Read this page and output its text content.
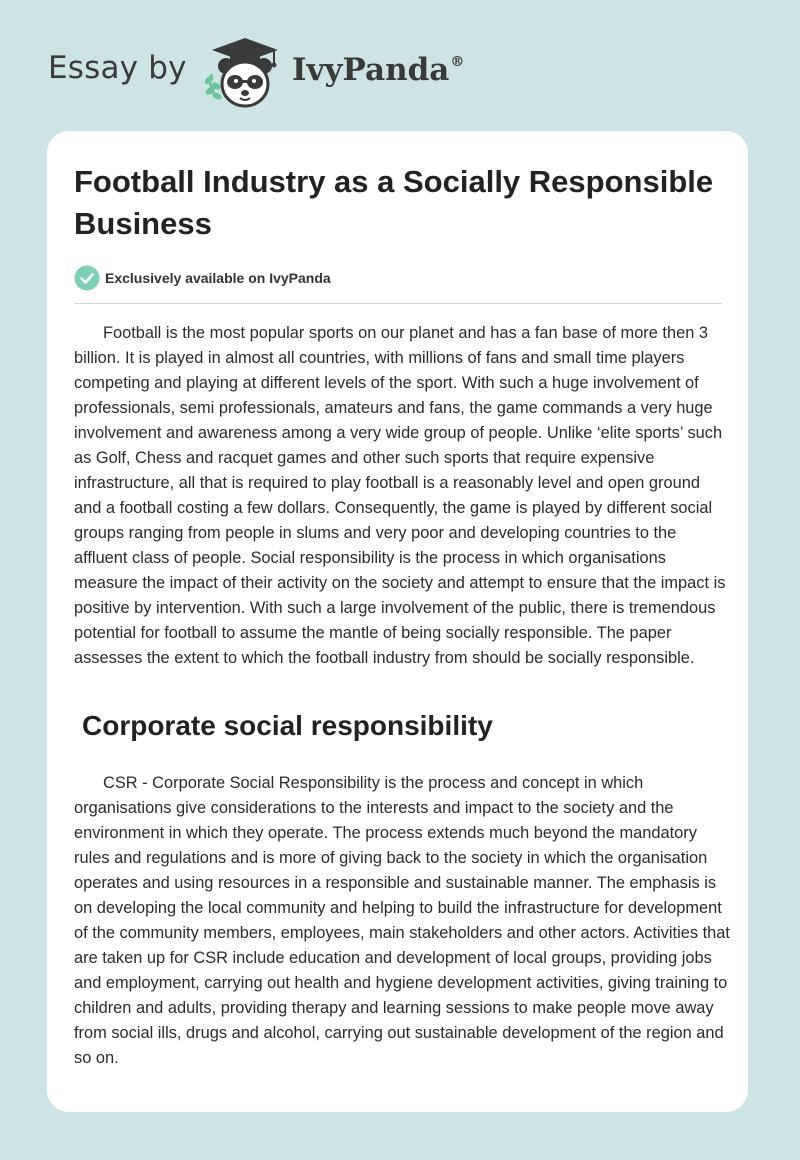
Essay by	IvyPanda®
Football Industry as a Socially Responsible Business
Exclusively available on IvyPanda

Football is the most popular sports on our planet and has a fan base of more then 3 billion. It is played in almost all countries, with millions of fans and small time players competing and playing at different levels of the sport. With such a huge involvement of professionals, semi professionals, amateurs and fans, the game commands a very huge involvement and awareness among a very wide group of people. Unlike ‘elite sports’ such as Golf, Chess and racquet games and other such sports that require expensive infrastructure, all that is required to play football is a reasonably level and open ground and a football costing a few dollars. Consequently, the game is played by different social groups ranging from people in slums and very poor and developing countries to the affluent class of people. Social responsibility is the process in which organisations measure the impact of their activity on the society and attempt to ensure that the impact is positive by intervention. With such a large involvement of the public, there is tremendous potential for football to assume the mantle of being socially responsible. The paper assesses the extent to which the football industry from should be socially responsible.

Corporate social responsibility

CSR - Corporate Social Responsibility is the process and concept in which organisations give considerations to the interests and impact to the society and the environment in which they operate. The process extends much beyond the mandatory rules and regulations and is more of giving back to the society in which the organisation operates and using resources in a responsible and sustainable manner. The emphasis is on developing the local community and helping to build the infrastructure for development of the community members, employees, main stakeholders and other actors. Activities that are taken up for CSR include education and development of local groups, providing jobs and employment, carrying out health and hygiene development activities, giving training to children and adults, providing therapy and learning sessions to make people move away from social ills, drugs and alcohol, carrying out sustainable development of the region and so on.
